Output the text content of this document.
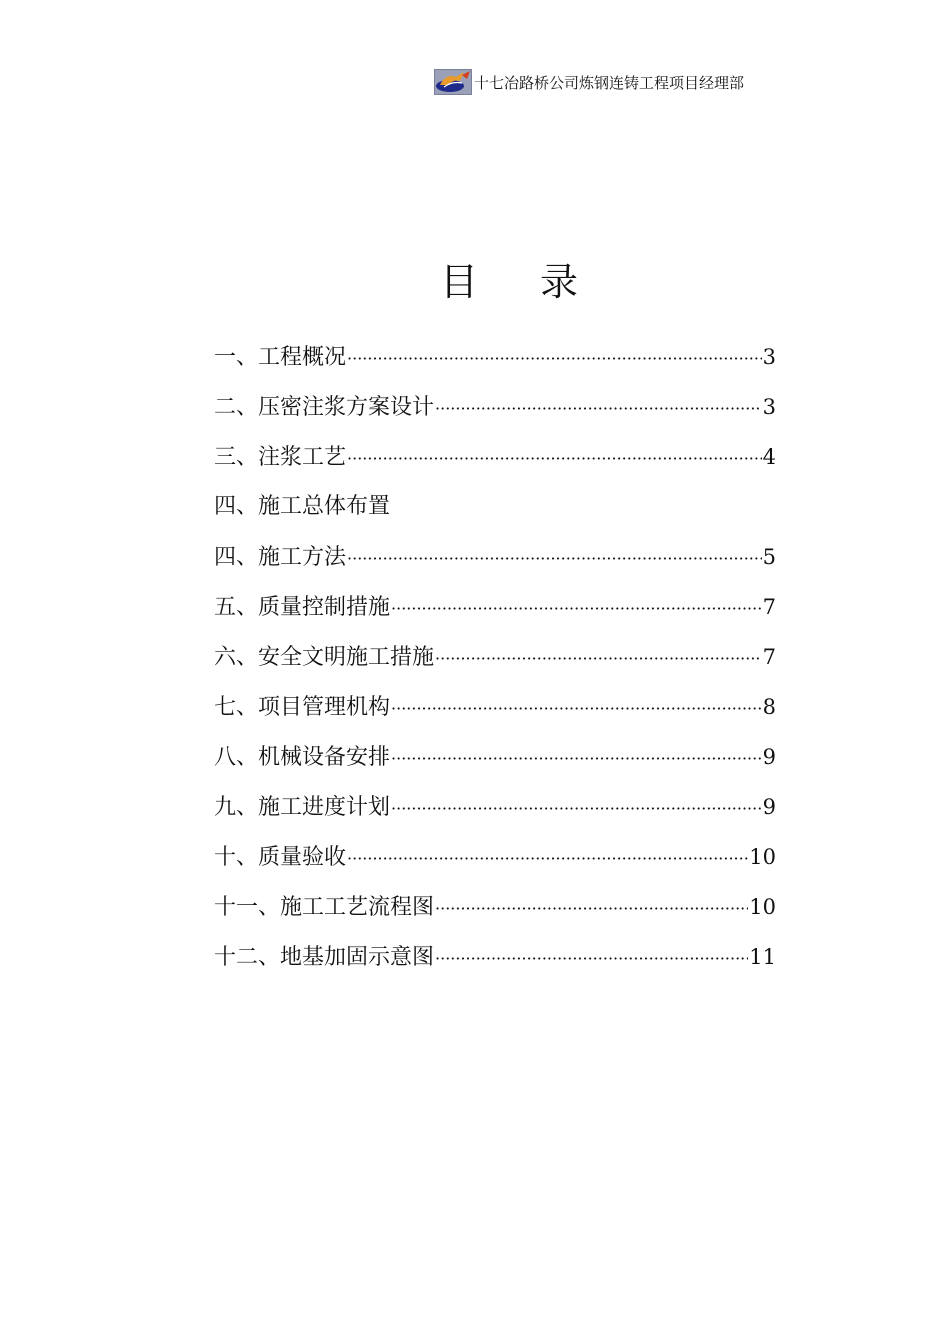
十七冶路桥公司炼钢连铸工程项目经理部
目 录
一、工程概况 ·····	3
二、压密注浆方案设计 ·····	3
三、注浆工艺 ·····	4
四、施工总体布置
四、施工方法 ·····	5
五、质量控制措施 ·····	7
六、安全文明施工措施 ·····	7
七、项目管理机构 ·····	8
八、机械设备安排 ·····	9
九、施工进度计划 ·····	9
十、质量验收 ·····	10
十一、施工工艺流程图 ·····	10
十二、地基加固示意图 ·····	11
